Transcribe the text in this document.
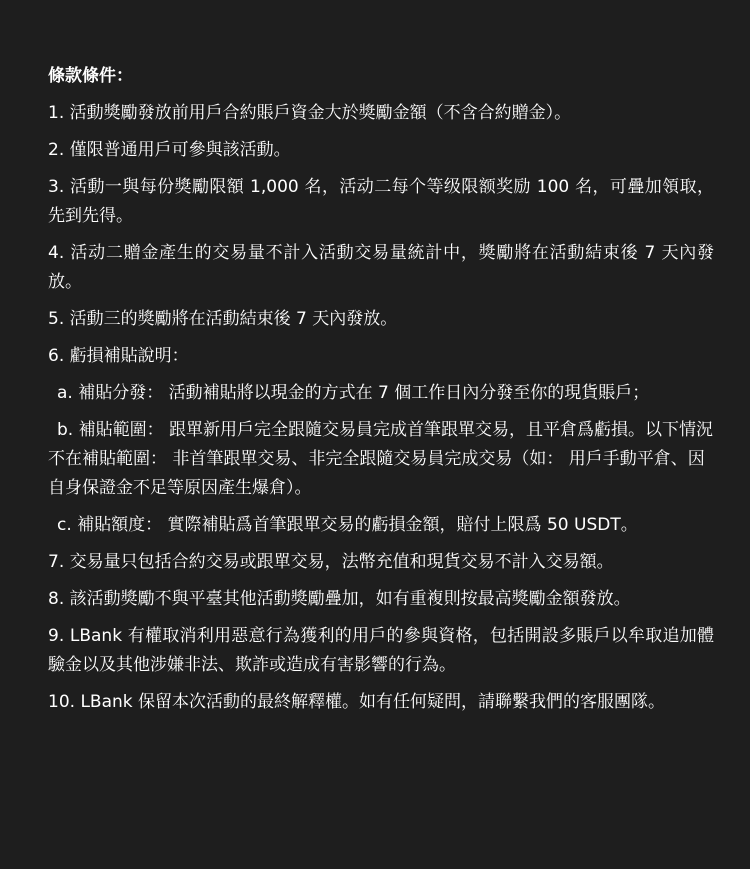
條款條件：
1. 活動獎勵發放前用戶合約賬戶資金大於獎勵金額（不含合約贈金）。
2. 僅限普通用戶可參與該活動。
3. 活動一與每份獎勵限額 1,000 名，活动二每个等级限额奖励 100 名，可疊加領取，先到先得。
4. 活动二贈金產生的交易量不計入活動交易量統計中，獎勵將在活動結束後 7 天內發放。
5. 活動三的獎勵將在活動結束後 7 天內發放。
6. 虧損補貼說明：
a. 補貼分發： 活動補貼將以現金的方式在 7 個工作日內分發至你的現貨賬戶；
b. 補貼範圍： 跟單新用戶完全跟隨交易員完成首筆跟單交易，且平倉爲虧損。以下情況不在補貼範圍： 非首筆跟單交易、非完全跟隨交易員完成交易（如： 用戶手動平倉、因自身保證金不足等原因產生爆倉）。
c. 補貼額度： 實際補貼爲首筆跟單交易的虧損金額，賠付上限爲 50 USDT。
7. 交易量只包括合約交易或跟單交易，法幣充值和現貨交易不計入交易額。
8. 該活動獎勵不與平臺其他活動獎勵疊加，如有重複則按最高獎勵金額發放。
9. LBank 有權取消利用惡意行為獲利的用戶的參與資格，包括開設多賬戶以牟取追加體驗金以及其他涉嫌非法、欺詐或造成有害影響的行為。
10. LBank 保留本次活動的最終解釋權。如有任何疑問，請聯繫我們的客服團隊。
